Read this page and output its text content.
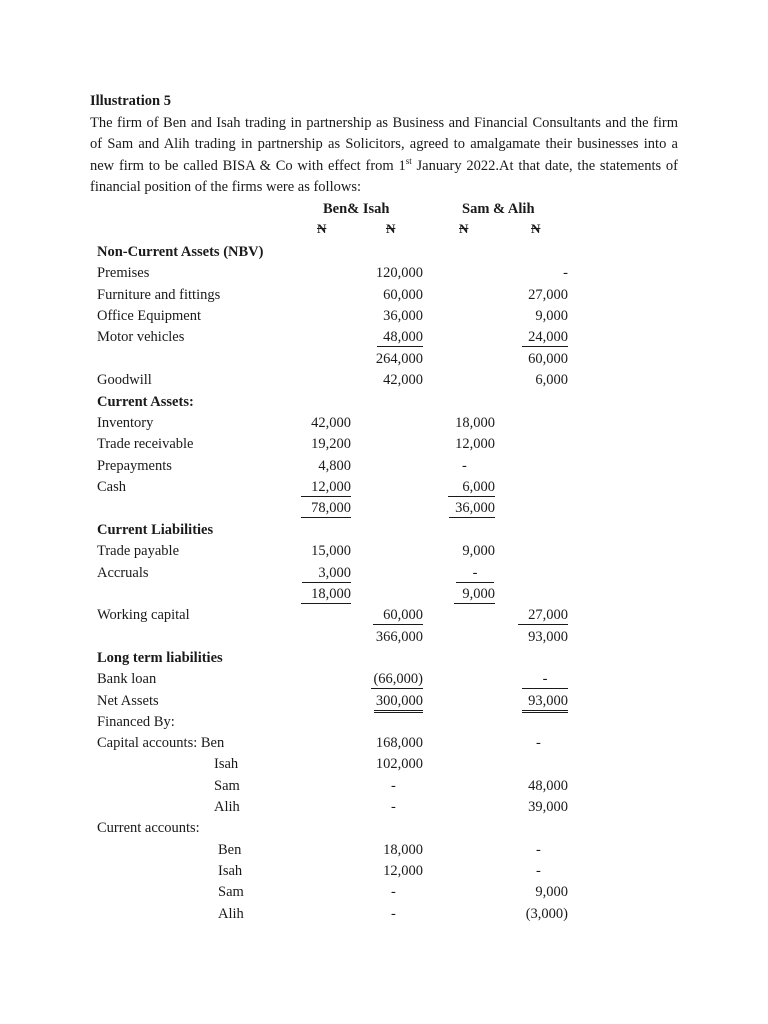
Illustration 5
The firm of Ben and Isah trading in partnership as Business and Financial Consultants and the firm of Sam and Alih trading in partnership as Solicitors, agreed to amalgamate their businesses into a new firm to be called BISA & Co with effect from 1st January 2022.At that date, the statements of financial position of the firms were as follows:
Ben& Isah	Sam & Alih
N	N	N	N
Non-Current Assets (NBV)
Premises	120,000	-
Furniture and fittings	60,000	27,000
Office Equipment	36,000	9,000
Motor vehicles	48,000	24,000
264,000	60,000
Goodwill	42,000	6,000
Current Assets:
Inventory	42,000	18,000
Trade receivable	19,200	12,000
Prepayments	4,800	-
Cash	12,000	6,000
78,000	36,000
Current Liabilities
Trade payable	15,000	9,000
Accruals	3,000	-
18,000	9,000
Working capital	60,000	27,000
366,000	93,000
Long term liabilities
Bank loan	(66,000)	-
Net Assets	300,000	93,000
Financed By:
Capital accounts: Ben	168,000	-
Isah	102,000
Sam	-	48,000
Alih	-	39,000
Current accounts:
Ben	18,000	-
Isah	12,000	-
Sam	-	9,000
Alih	-	(3,000)
